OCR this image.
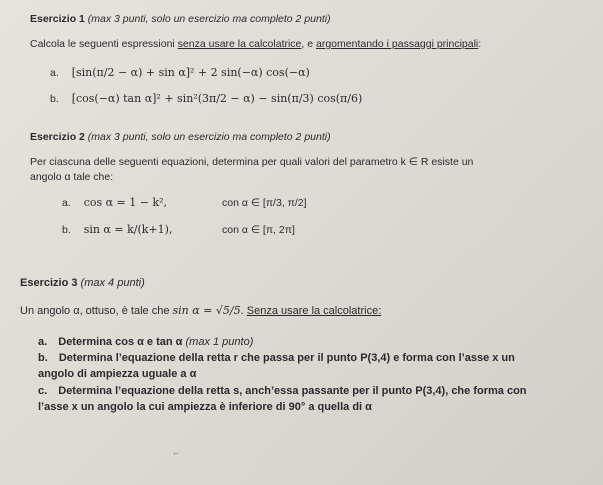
Esercizio 1 (max 3 punti, solo un esercizio ma completo 2 punti)
Calcola le seguenti espressioni senza usare la calcolatrice, e argomentando i passaggi principali:
a. [sin(π/2 − α) + sin α]² + 2 sin(−α) cos(−α)
b. [cos(−α) tan α]² + sin²(3π/2 − α) − sin(π/3) cos(π/6)
Esercizio 2 (max 3 punti, solo un esercizio ma completo 2 punti)
Per ciascuna delle seguenti equazioni, determina per quali valori del parametro k ∈ R esiste un
angolo α tale che:
a. cos α = 1 − k²,	con α ∈ [π/3, π/2]
b. sin α = k/(k+1),	con α ∈ [π, 2π]
Esercizio 3 (max 4 punti)
Un angolo α, ottuso, è tale che sin α = √5/5. Senza usare la calcolatrice:
a. Determina cos α e tan α (max 1 punto)
b. Determina l’equazione della retta r che passa per il punto P(3,4) e forma con l’asse x un
angolo di ampiezza uguale a α
c. Determina l’equazione della retta s, anch’essa passante per il punto P(3,4), che forma con
l’asse x un angolo la cui ampiezza è inferiore di 90° a quella di α
←
